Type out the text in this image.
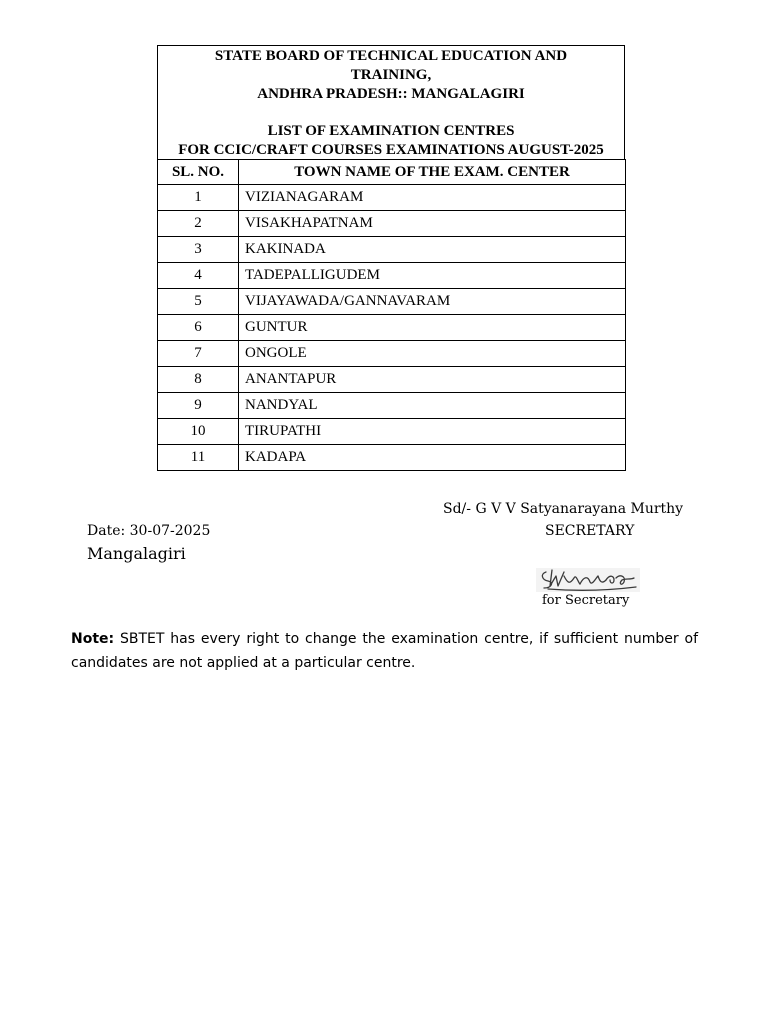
STATE BOARD OF TECHNICAL EDUCATION AND
TRAINING,
ANDHRA PRADESH:: MANGALAGIRI
LIST OF EXAMINATION CENTRES
FOR CCIC/CRAFT COURSES EXAMINATIONS AUGUST-2025
SL. NO.	TOWN NAME OF THE EXAM. CENTER
1	VIZIANAGARAM
2	VISAKHAPATNAM
3	KAKINADA
4	TADEPALLIGUDEM
5	VIJAYAWADA/GANNAVARAM
6	GUNTUR
7	ONGOLE
8	ANANTAPUR
9	NANDYAL
10	TIRUPATHI
11	KADAPA
Sd/- G V V Satyanarayana Murthy
SECRETARY
Date: 30-07-2025
Mangalagiri
for Secretary
Note: SBTET has every right to change the examination centre, if sufficient number of candidates are not applied at a particular centre.
